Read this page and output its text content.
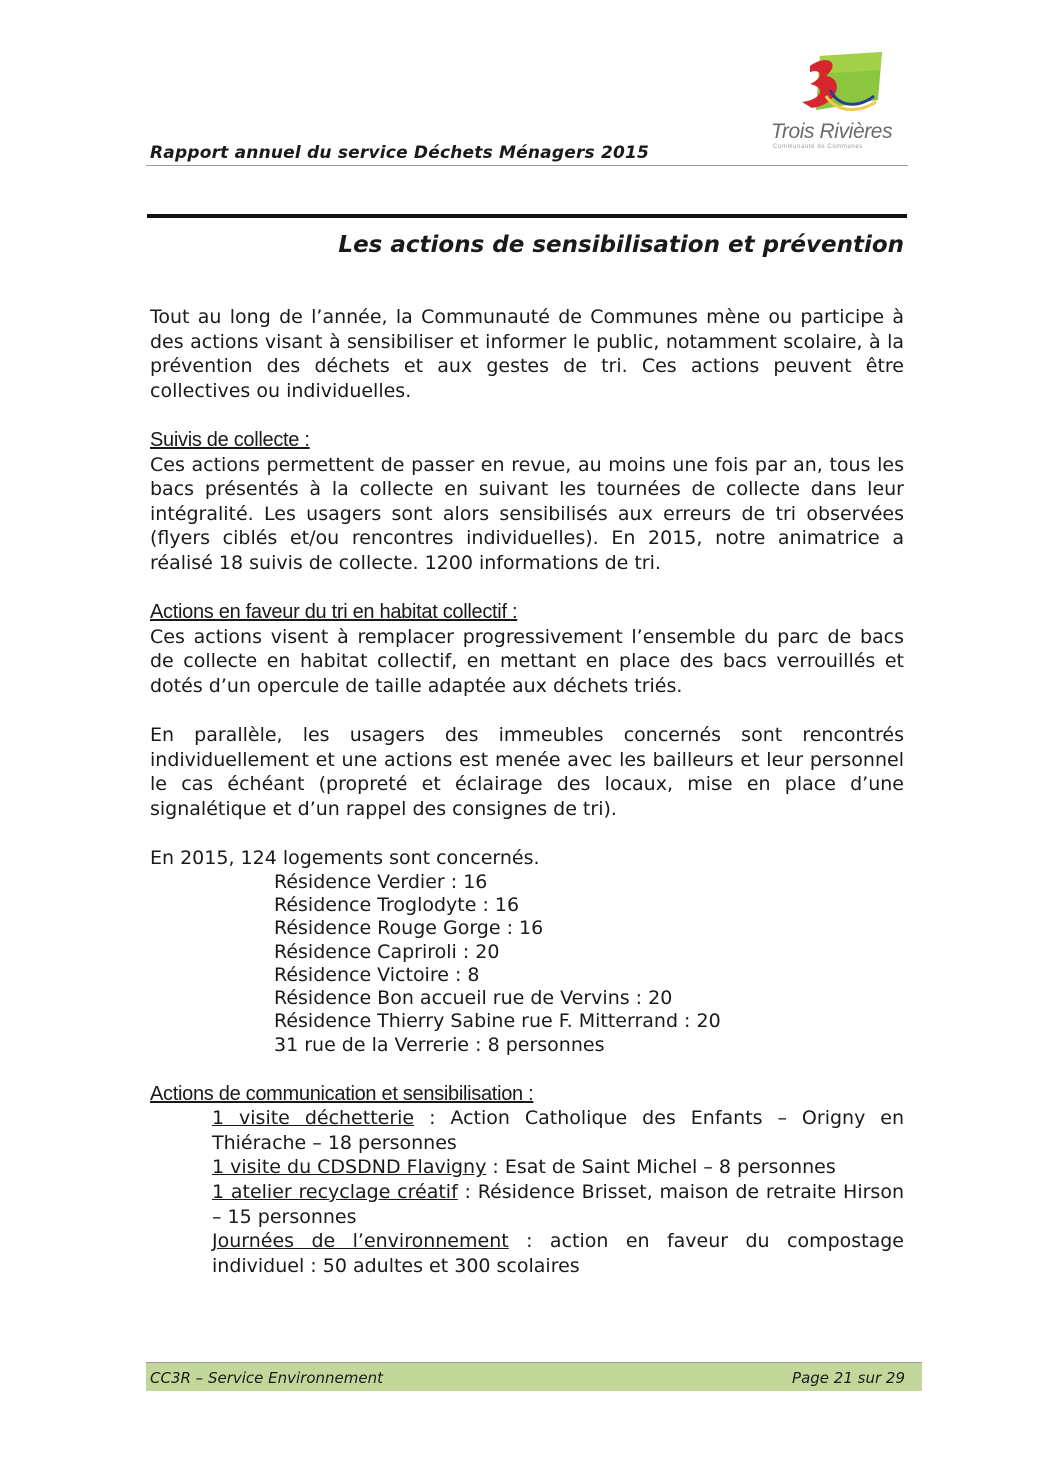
Rapport annuel du service Déchets Ménagers 2015
Trois Rivières
Communauté de Communes
Les actions de sensibilisation et prévention

Tout au long de l’année, la Communauté de Communes mène ou participe à des actions visant à sensibiliser et informer le public, notamment scolaire, à la prévention des déchets et aux gestes de tri. Ces actions peuvent être collectives ou individuelles.

Suivis de collecte :

Ces actions permettent de passer en revue, au moins une fois par an, tous les bacs présentés à la collecte en suivant les tournées de collecte dans leur intégralité. Les usagers sont alors sensibilisés aux erreurs de tri observées (flyers ciblés et/ou rencontres individuelles). En 2015, notre animatrice a réalisé 18 suivis de collecte. 1200 informations de tri.

Actions en faveur du tri en habitat collectif :

Ces actions visent à remplacer progressivement l’ensemble du parc de bacs de collecte en habitat collectif, en mettant en place des bacs verrouillés et dotés d’un opercule de taille adaptée aux déchets triés.

En parallèle, les usagers des immeubles concernés sont rencontrés individuellement et une actions est menée avec les bailleurs et leur personnel le cas échéant (propreté et éclairage des locaux, mise en place d’une signalétique et d’un rappel des consignes de tri).

En 2015, 124 logements sont concernés.
Résidence Verdier : 16
Résidence Troglodyte : 16
Résidence Rouge Gorge : 16
Résidence Capriroli : 20
Résidence Victoire : 8
Résidence Bon accueil rue de Vervins : 20
Résidence Thierry Sabine rue F. Mitterrand : 20
31 rue de la Verrerie : 8 personnes
Actions de communication et sensibilisation :
1 visite déchetterie : Action Catholique des Enfants – Origny en Thiérache – 18 personnes
1 visite du CDSDND Flavigny : Esat de Saint Michel – 8 personnes
1 atelier recyclage créatif : Résidence Brisset, maison de retraite Hirson – 15 personnes
Journées de l’environnement : action en faveur du compostage individuel : 50 adultes et 300 scolaires
CC3R – Service Environnement	Page 21 sur 29
